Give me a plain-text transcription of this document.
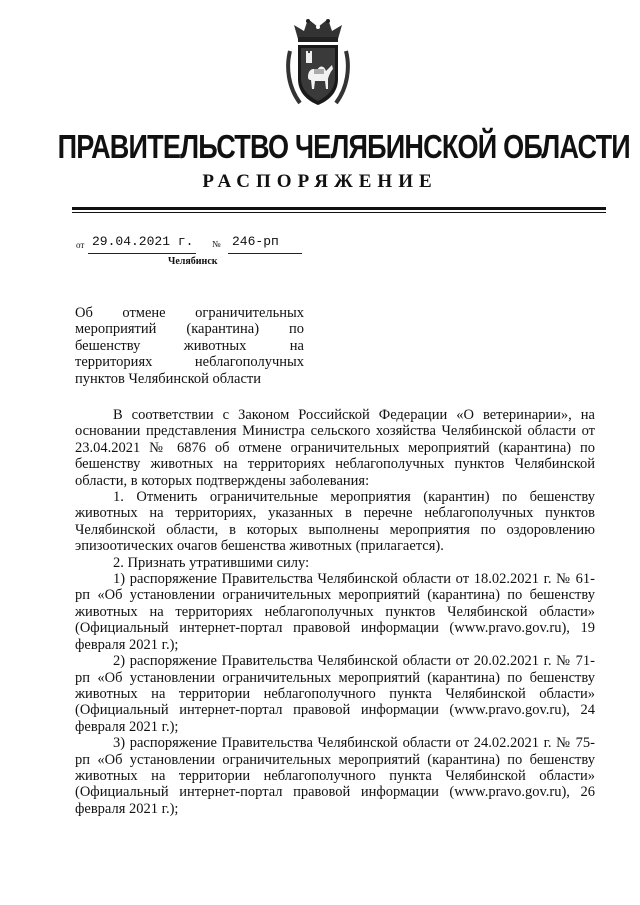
ПРАВИТЕЛЬСТВО ЧЕЛЯБИНСКОЙ ОБЛАСТИ
РАСПОРЯЖЕНИЕ
от 29.04.2021 г. № 246-рп
Челябинск
Об отмене ограничительных
мероприятий (карантина) по
бешенству животных на
территориях неблагополучных
пунктов Челябинской области

В соответствии с Законом Российской Федерации «О ветеринарии», на основании представления Министра сельского хозяйства Челябинской области от 23.04.2021 № 6876 об отмене ограничительных мероприятий (карантина) по бешенству животных на территориях неблагополучных пунктов Челябинской области, в которых подтверждены заболевания:

1. Отменить ограничительные мероприятия (карантин) по бешенству животных на территориях, указанных в перечне неблагополучных пунктов Челябинской области, в которых выполнены мероприятия по оздоровлению эпизоотических очагов бешенства животных (прилагается).

2. Признать утратившими силу:

1) распоряжение Правительства Челябинской области от 18.02.2021 г. № 61-рп «Об установлении ограничительных мероприятий (карантина) по бешенству животных на территориях неблагополучных пунктов Челябинской области» (Официальный интернет-портал правовой информации (www.pravo.gov.ru), 19 февраля 2021 г.);

2) распоряжение Правительства Челябинской области от 20.02.2021 г. № 71-рп «Об установлении ограничительных мероприятий (карантина) по бешенству животных на территории неблагополучного пункта Челябинской области» (Официальный интернет-портал правовой информации (www.pravo.gov.ru), 24 февраля 2021 г.);

3) распоряжение Правительства Челябинской области от 24.02.2021 г. № 75-рп «Об установлении ограничительных мероприятий (карантина) по бешенству животных на территории неблагополучного пункта Челябинской области» (Официальный интернет-портал правовой информации (www.pravo.gov.ru), 26 февраля 2021 г.);
